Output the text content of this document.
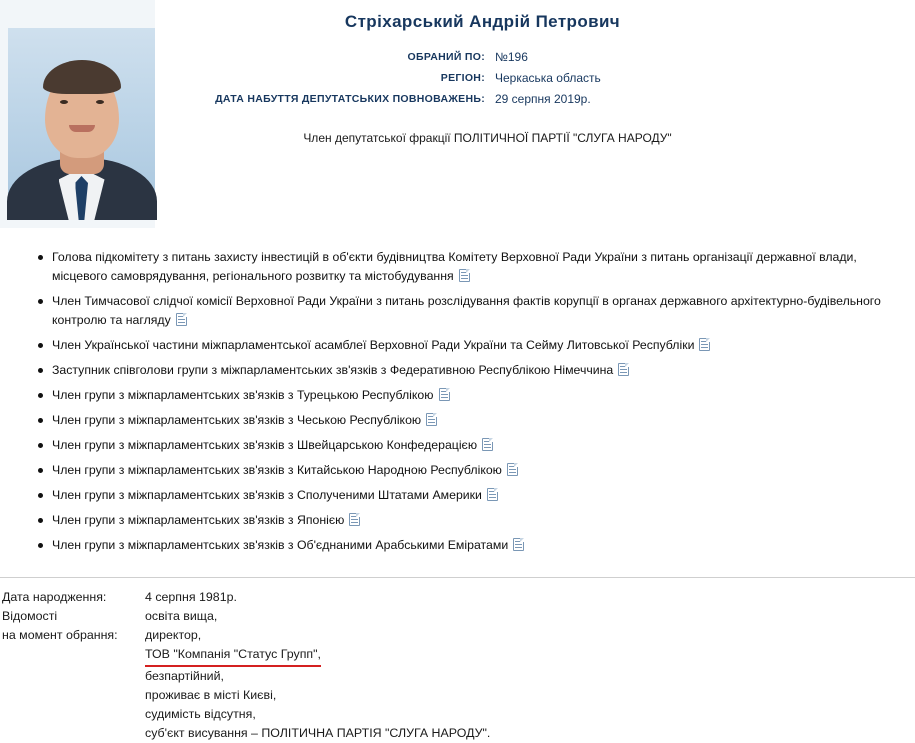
Стріхарський Андрій Петрович
ОБРАНИЙ ПО: №196
РЕГІОН: Черкаська область
ДАТА НАБУТТЯ ДЕПУТАТСЬКИХ ПОВНОВАЖЕНЬ: 29 серпня 2019р.
Член депутатської фракції ПОЛІТИЧНОЇ ПАРТІЇ "СЛУГА НАРОДУ"
Голова підкомітету з питань захисту інвестицій в об'єкти будівництва Комітету Верховної Ради України з питань організації державної влади, місцевого самоврядування, регіонального розвитку та містобудування
Член Тимчасової слідчої комісії Верховної Ради України з питань розслідування фактів корупції в органах державного архітектурно-будівельного контролю та нагляду
Член Української частини міжпарламентської асамблеї Верховної Ради України та Сейму Литовської Республіки
Заступник співголови групи з міжпарламентських зв'язків з Федеративною Республікою Німеччина
Член групи з міжпарламентських зв'язків з Турецькою Республікою
Член групи з міжпарламентських зв'язків з Чеською Республікою
Член групи з міжпарламентських зв'язків з Швейцарською Конфедерацією
Член групи з міжпарламентських зв'язків з Китайською Народною Республікою
Член групи з міжпарламентських зв'язків з Сполученими Штатами Америки
Член групи з міжпарламентських зв'язків з Японією
Член групи з міжпарламентських зв'язків з Об'єднаними Арабськими Еміратами
Дата народження:
Відомості
на момент обрання:
4 серпня 1981р.
освіта вища,
директор,
ТОВ "Компанія "Статус Групп",
безпартійний,
проживає в місті Києві,
судимість відсутня,
суб'єкт висування – ПОЛІТИЧНА ПАРТІЯ "СЛУГА НАРОДУ".
